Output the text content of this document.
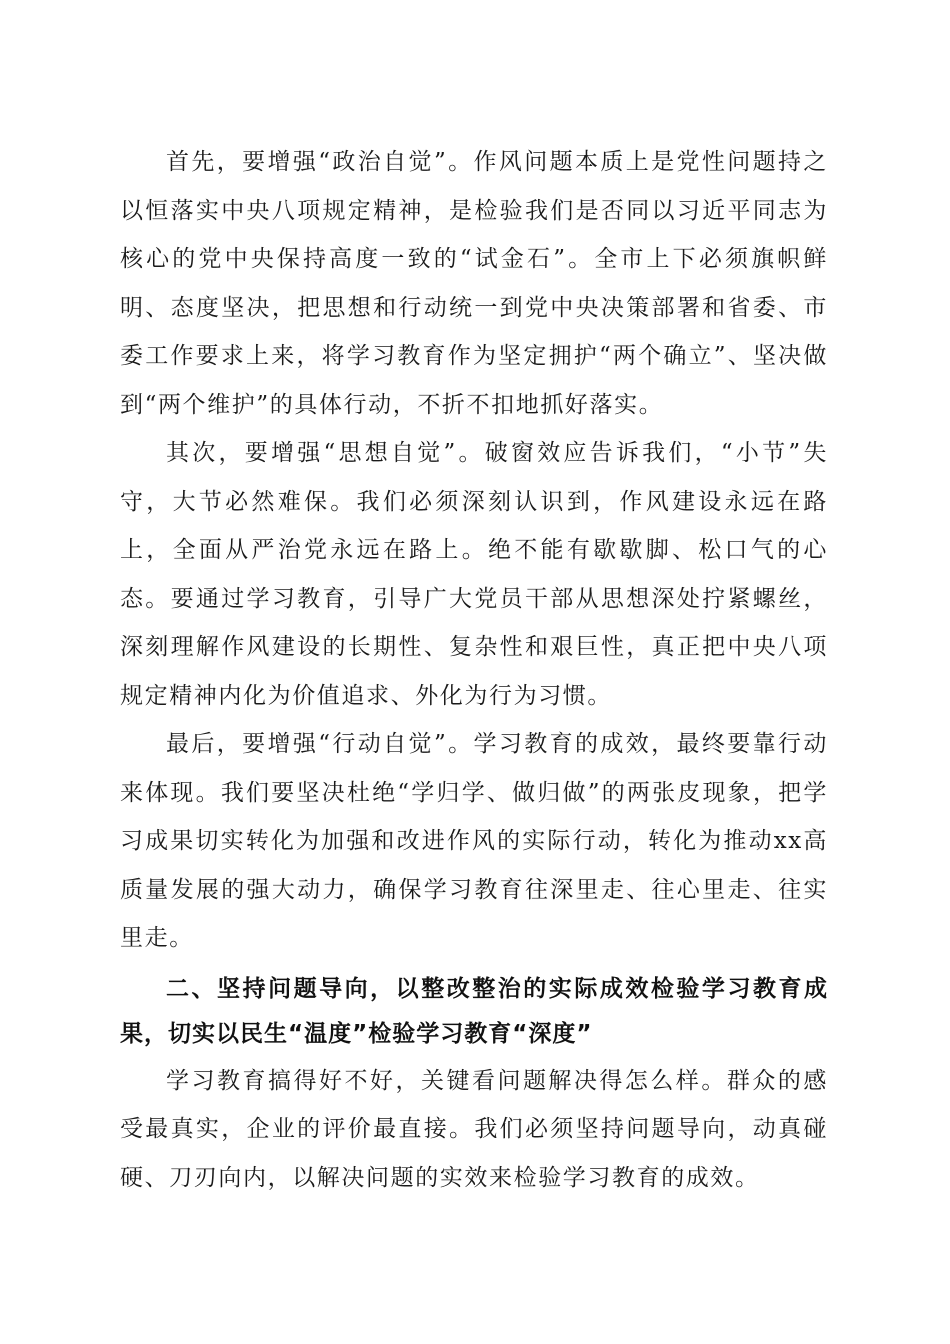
首先，要增强“政治自觉”。作风问题本质上是党性问题持之以恒落实中央八项规定精神，是检验我们是否同以习近平同志为核心的党中央保持高度一致的“试金石”。全市上下必须旗帜鲜明、态度坚决，把思想和行动统一到党中央决策部署和省委、市委工作要求上来，将学习教育作为坚定拥护“两个确立”、坚决做到“两个维护”的具体行动，不折不扣地抓好落实。

其次，要增强“思想自觉”。破窗效应告诉我们，“小节”失守，大节必然难保。我们必须深刻认识到，作风建设永远在路上，全面从严治党永远在路上。绝不能有歇歇脚、松口气的心态。要通过学习教育，引导广大党员干部从思想深处拧紧螺丝，深刻理解作风建设的长期性、复杂性和艰巨性，真正把中央八项规定精神内化为价值追求、外化为行为习惯。

最后，要增强“行动自觉”。学习教育的成效，最终要靠行动来体现。我们要坚决杜绝“学归学、做归做”的两张皮现象，把学习成果切实转化为加强和改进作风的实际行动，转化为推动xx高质量发展的强大动力，确保学习教育往深里走、往心里走、往实里走。

二、坚持问题导向，以整改整治的实际成效检验学习教育成果，切实以民生“温度”检验学习教育“深度”

学习教育搞得好不好，关键看问题解决得怎么样。群众的感受最真实，企业的评价最直接。我们必须坚持问题导向，动真碰硬、刀刃向内，以解决问题的实效来检验学习教育的成效。
